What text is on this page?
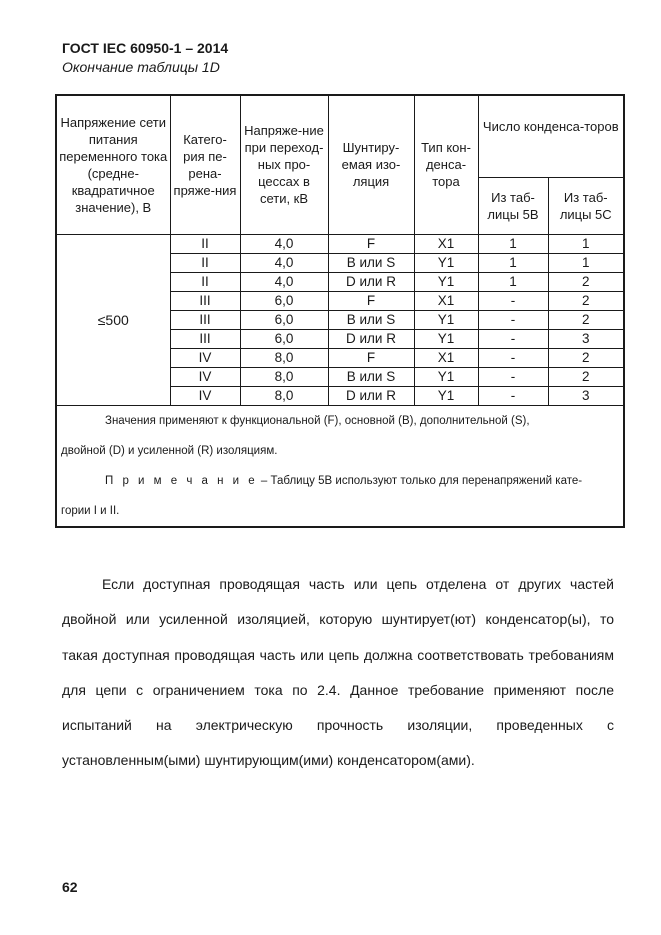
ГОСТ IEC 60950-1 – 2014
Окончание таблицы 1D
Напряжение сети питания переменного тока (средне-квадратичное значение), В	Катего-рия пе-рена-пряже-ния	Напряже-ние при переход-ных про-цессах в сети, кВ	Шунтиру-емая изо-ляция	Тип кон-денса-тора	Число конденса-торов	
					Из таб-лицы 5B	Из таб-лицы 5C
≤500	II	4,0	F	X1	1	1
	II	4,0	B или S	Y1	1	1
	II	4,0	D или R	Y1	1	2
	III	6,0	F	X1	-	2
	III	6,0	B или S	Y1	-	2
	III	6,0	D или R	Y1	-	3
	IV	8,0	F	X1	-	2
	IV	8,0	B или S	Y1	-	2
	IV	8,0	D или R	Y1	-	3

Значения применяют к функциональной (F), основной (B), дополнительной (S),

двойной (D) и усиленной (R) изоляциям.

П р и м е ч а н и е – Таблицу 5B используют только для перенапряжений кате-

гории I и II.						

Если доступная проводящая часть или цепь отделена от других частей двойной или усиленной изоляцией, которую шунтирует(ют) конденсатор(ы), то такая доступная проводящая часть или цепь должна соответствовать требованиям для цепи с ограничением тока по 2.4. Данное требование применяют после испытаний на электрическую прочность изоляции, проведенных с установленным(ыми) шунтирующим(ими) конденсатором(ами).

62
